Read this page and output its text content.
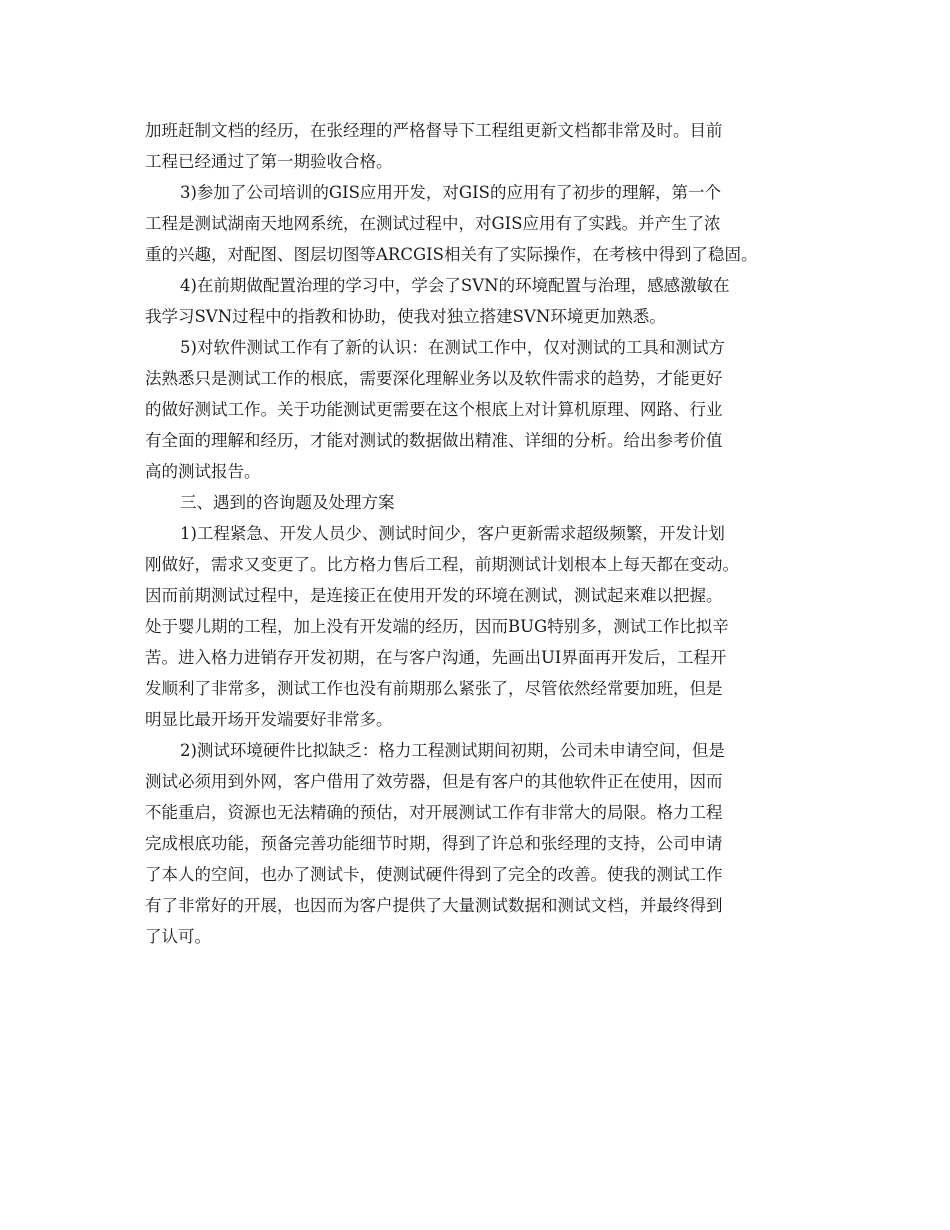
加班赶制文档的经历，在张经理的严格督导下工程组更新文档都非常及时。目前
工程已经通过了第一期验收合格。
3)参加了公司培训的GIS应用开发，对GIS的应用有了初步的理解，第一个
工程是测试湖南天地网系统，在测试过程中，对GIS应用有了实践。并产生了浓
重的兴趣，对配图、图层切图等ARCGIS相关有了实际操作，在考核中得到了稳固。
4)在前期做配置治理的学习中，学会了SVN的环境配置与治理，感感激敏在
我学习SVN过程中的指教和协助，使我对独立搭建SVN环境更加熟悉。
5)对软件测试工作有了新的认识：在测试工作中，仅对测试的工具和测试方
法熟悉只是测试工作的根底，需要深化理解业务以及软件需求的趋势，才能更好
的做好测试工作。关于功能测试更需要在这个根底上对计算机原理、网路、行业
有全面的理解和经历，才能对测试的数据做出精准、详细的分析。给出参考价值
高的测试报告。
三、遇到的咨询题及处理方案
1)工程紧急、开发人员少、测试时间少，客户更新需求超级频繁，开发计划
刚做好，需求又变更了。比方格力售后工程，前期测试计划根本上每天都在变动。
因而前期测试过程中，是连接正在使用开发的环境在测试，测试起来难以把握。
处于婴儿期的工程，加上没有开发端的经历，因而BUG特别多，测试工作比拟辛
苦。进入格力进销存开发初期，在与客户沟通，先画出UI界面再开发后，工程开
发顺利了非常多，测试工作也没有前期那么紧张了，尽管依然经常要加班，但是
明显比最开场开发端要好非常多。
2)测试环境硬件比拟缺乏：格力工程测试期间初期，公司未申请空间，但是
测试必须用到外网，客户借用了效劳器，但是有客户的其他软件正在使用，因而
不能重启，资源也无法精确的预估，对开展测试工作有非常大的局限。格力工程
完成根底功能，预备完善功能细节时期，得到了许总和张经理的支持，公司申请
了本人的空间，也办了测试卡，使测试硬件得到了完全的改善。使我的测试工作
有了非常好的开展，也因而为客户提供了大量测试数据和测试文档，并最终得到
了认可。
